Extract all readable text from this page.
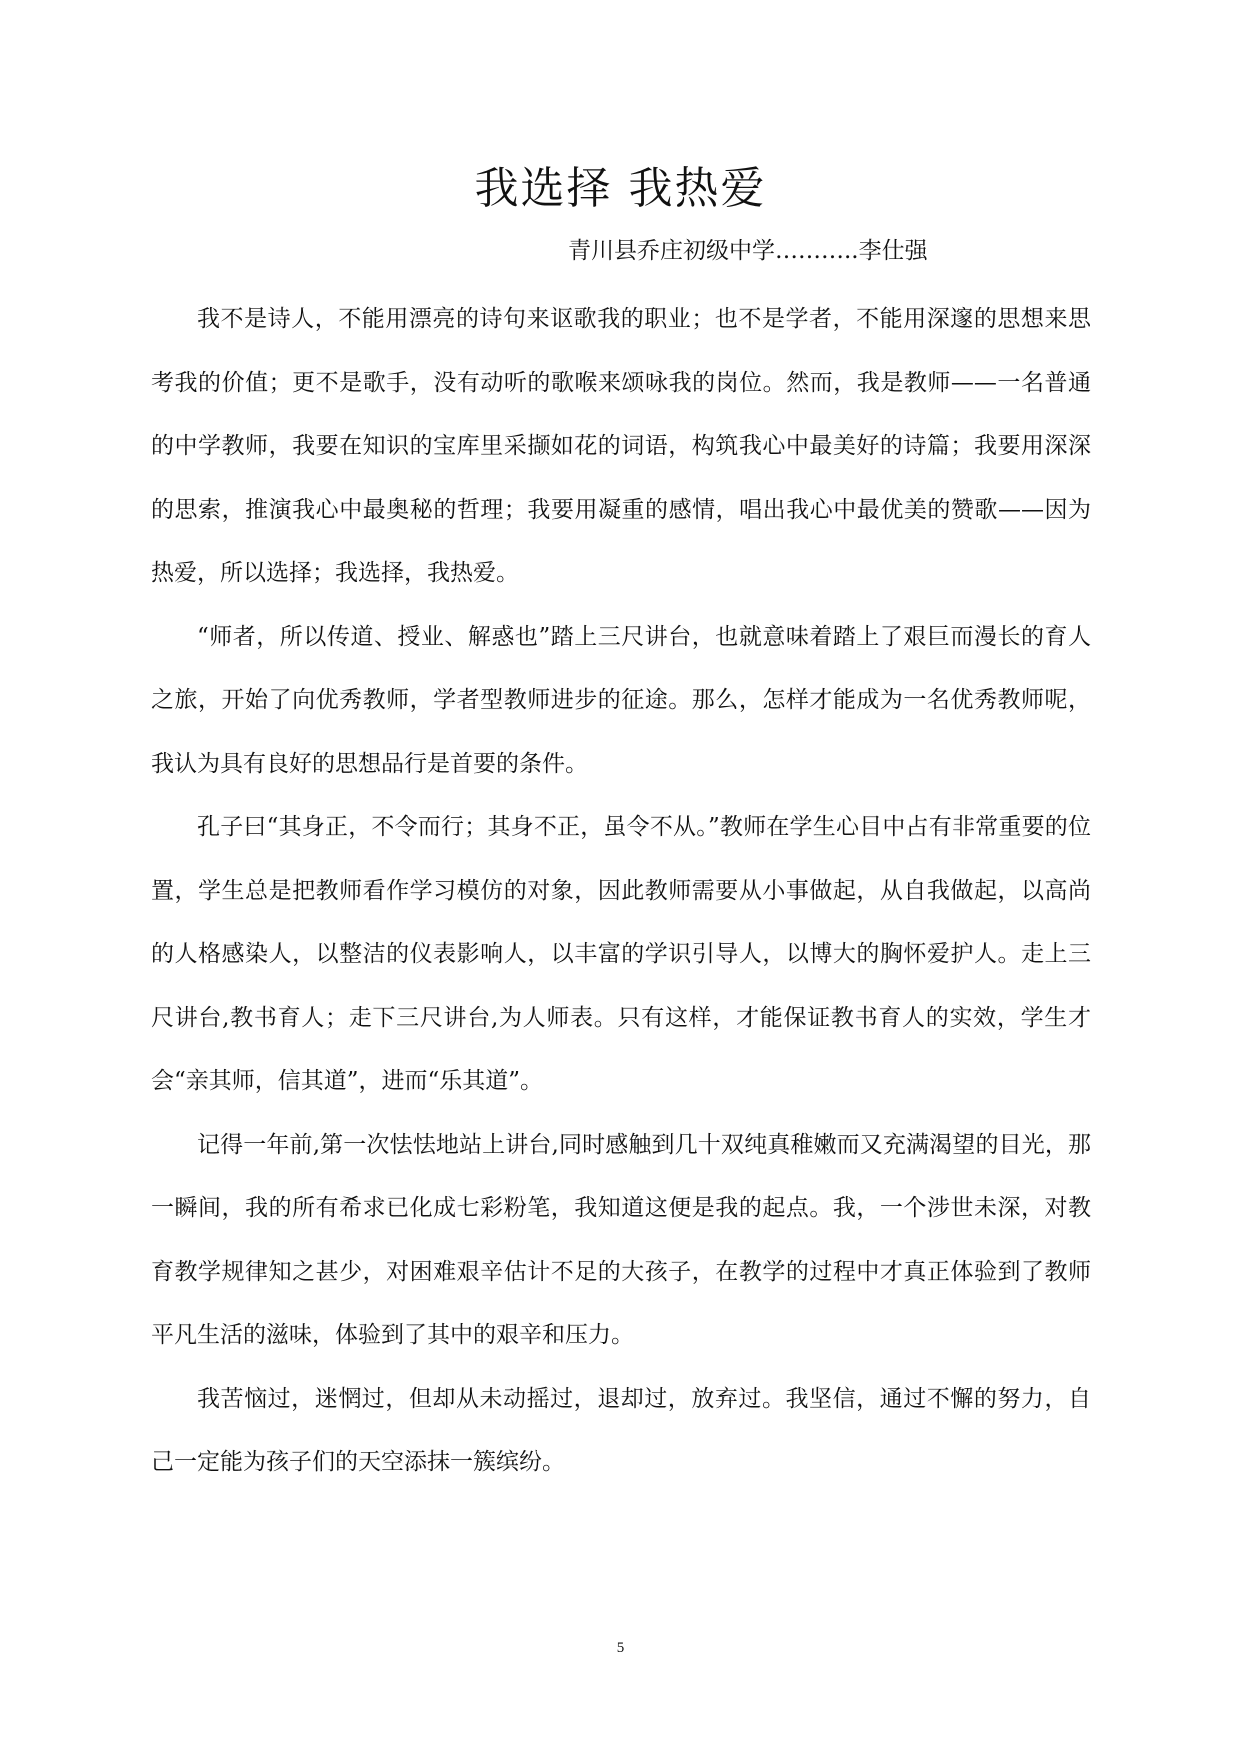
我选择 我热爱
青川县乔庄初级中学………..李仕强

我不是诗人，不能用漂亮的诗句来讴歌我的职业；也不是学者，不能用深邃的思想来思考我的价值；更不是歌手，没有动听的歌喉来颂咏我的岗位。然而，我是教师——一名普通的中学教师，我要在知识的宝库里采撷如花的词语，构筑我心中最美好的诗篇；我要用深深的思索，推演我心中最奥秘的哲理；我要用凝重的感情，唱出我心中最优美的赞歌——因为热爱，所以选择；我选择，我热爱。

“师者，所以传道、授业、解惑也”踏上三尺讲台，也就意味着踏上了艰巨而漫长的育人之旅，开始了向优秀教师，学者型教师进步的征途。那么，怎样才能成为一名优秀教师呢，我认为具有良好的思想品行是首要的条件。

孔子曰“其身正，不令而行；其身不正，虽令不从。”教师在学生心目中占有非常重要的位置，学生总是把教师看作学习模仿的对象，因此教师需要从小事做起，从自我做起，以高尚的人格感染人，以整洁的仪表影响人，以丰富的学识引导人，以博大的胸怀爱护人。走上三尺讲台,教书育人；走下三尺讲台,为人师表。只有这样，才能保证教书育人的实效，学生才会“亲其师，信其道”，进而“乐其道”。

记得一年前,第一次怯怯地站上讲台,同时感触到几十双纯真稚嫩而又充满渴望的目光，那一瞬间，我的所有希求已化成七彩粉笔，我知道这便是我的起点。我，一个涉世未深，对教育教学规律知之甚少，对困难艰辛估计不足的大孩子，在教学的过程中才真正体验到了教师平凡生活的滋味，体验到了其中的艰辛和压力。

我苦恼过，迷惘过，但却从未动摇过，退却过，放弃过。我坚信，通过不懈的努力，自己一定能为孩子们的天空添抹一簇缤纷。

5
